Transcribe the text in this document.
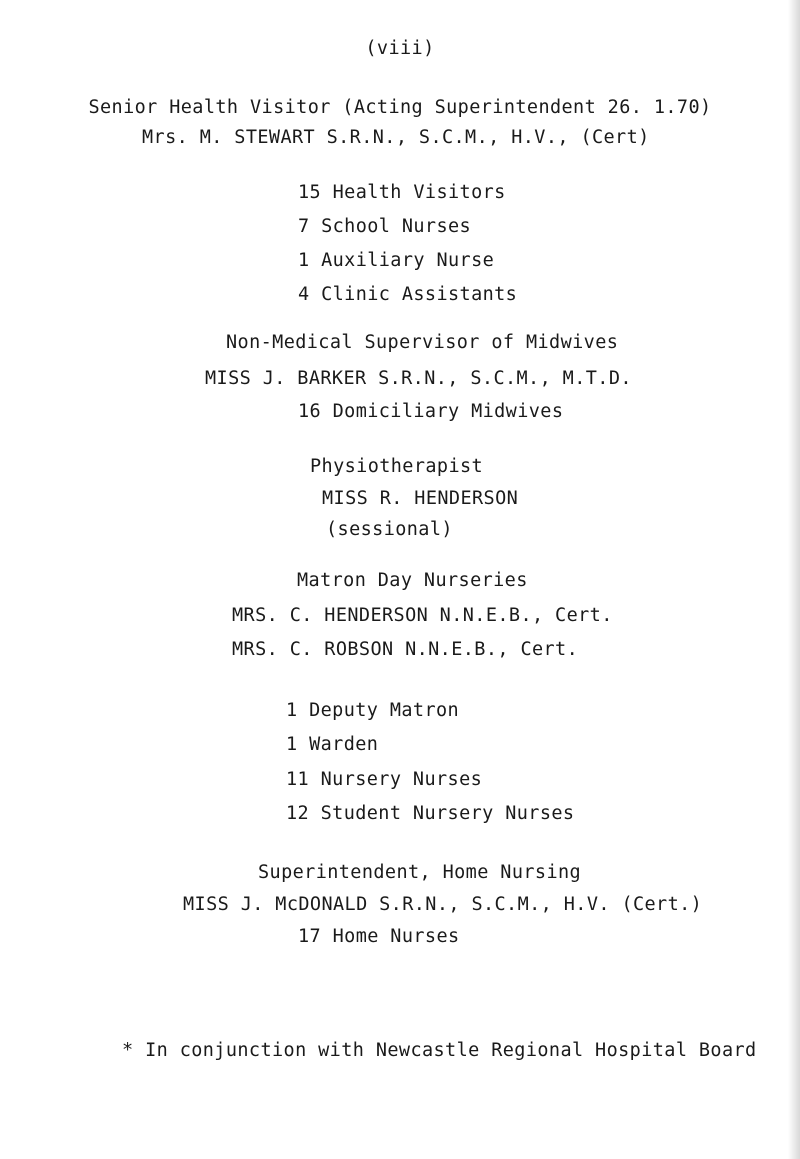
(viii)
Senior Health Visitor (Acting Superintendent 26. 1.70)
Mrs. M. STEWART S.R.N., S.C.M., H.V., (Cert)
15 Health Visitors
7 School Nurses
1 Auxiliary Nurse
4 Clinic Assistants
Non-Medical Supervisor of Midwives
MISS J. BARKER S.R.N., S.C.M., M.T.D.
16 Domiciliary Midwives
Physiotherapist
MISS R. HENDERSON
(sessional)
Matron Day Nurseries
MRS. C. HENDERSON N.N.E.B., Cert.
MRS. C. ROBSON N.N.E.B., Cert.
1 Deputy Matron
1 Warden
11 Nursery Nurses
12 Student Nursery Nurses
Superintendent, Home Nursing
MISS J. McDONALD S.R.N., S.C.M., H.V. (Cert.)
17 Home Nurses
* In conjunction with Newcastle Regional Hospital Board
